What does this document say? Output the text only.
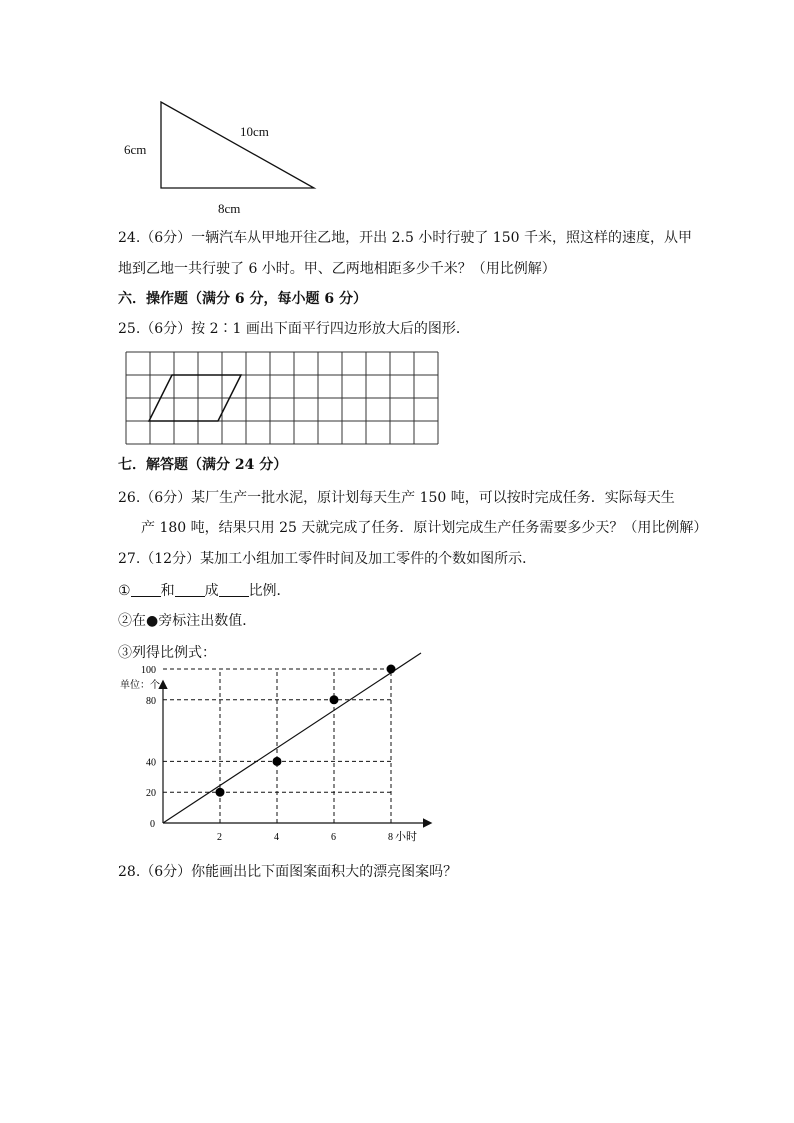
6cm
10cm
8cm
24.（6分）一辆汽车从甲地开往乙地，开出 2.5 小时行驶了 150 千米，照这样的速度，从甲
地到乙地一共行驶了 6 小时。甲、乙两地相距多少千米？（用比例解）
六．操作题（满分 6 分，每小题 6 分）
25.（6分）按 2∶1 画出下面平行四边形放大后的图形．
七．解答题（满分 24 分）
26.（6分）某厂生产一批水泥，原计划每天生产 150 吨，可以按时完成任务．实际每天生
产 180 吨，结果只用 25 天就完成了任务．原计划完成生产任务需要多少天？（用比例解）
27.（12分）某加工小组加工零件时间及加工零件的个数如图所示．
① 和 成 比例．
②在●旁标注出数值．
③列得比例式：
2	4	6	8
20
40
80
100
单位：个
小时
0
28.（6分）你能画出比下面图案面积大的漂亮图案吗？
